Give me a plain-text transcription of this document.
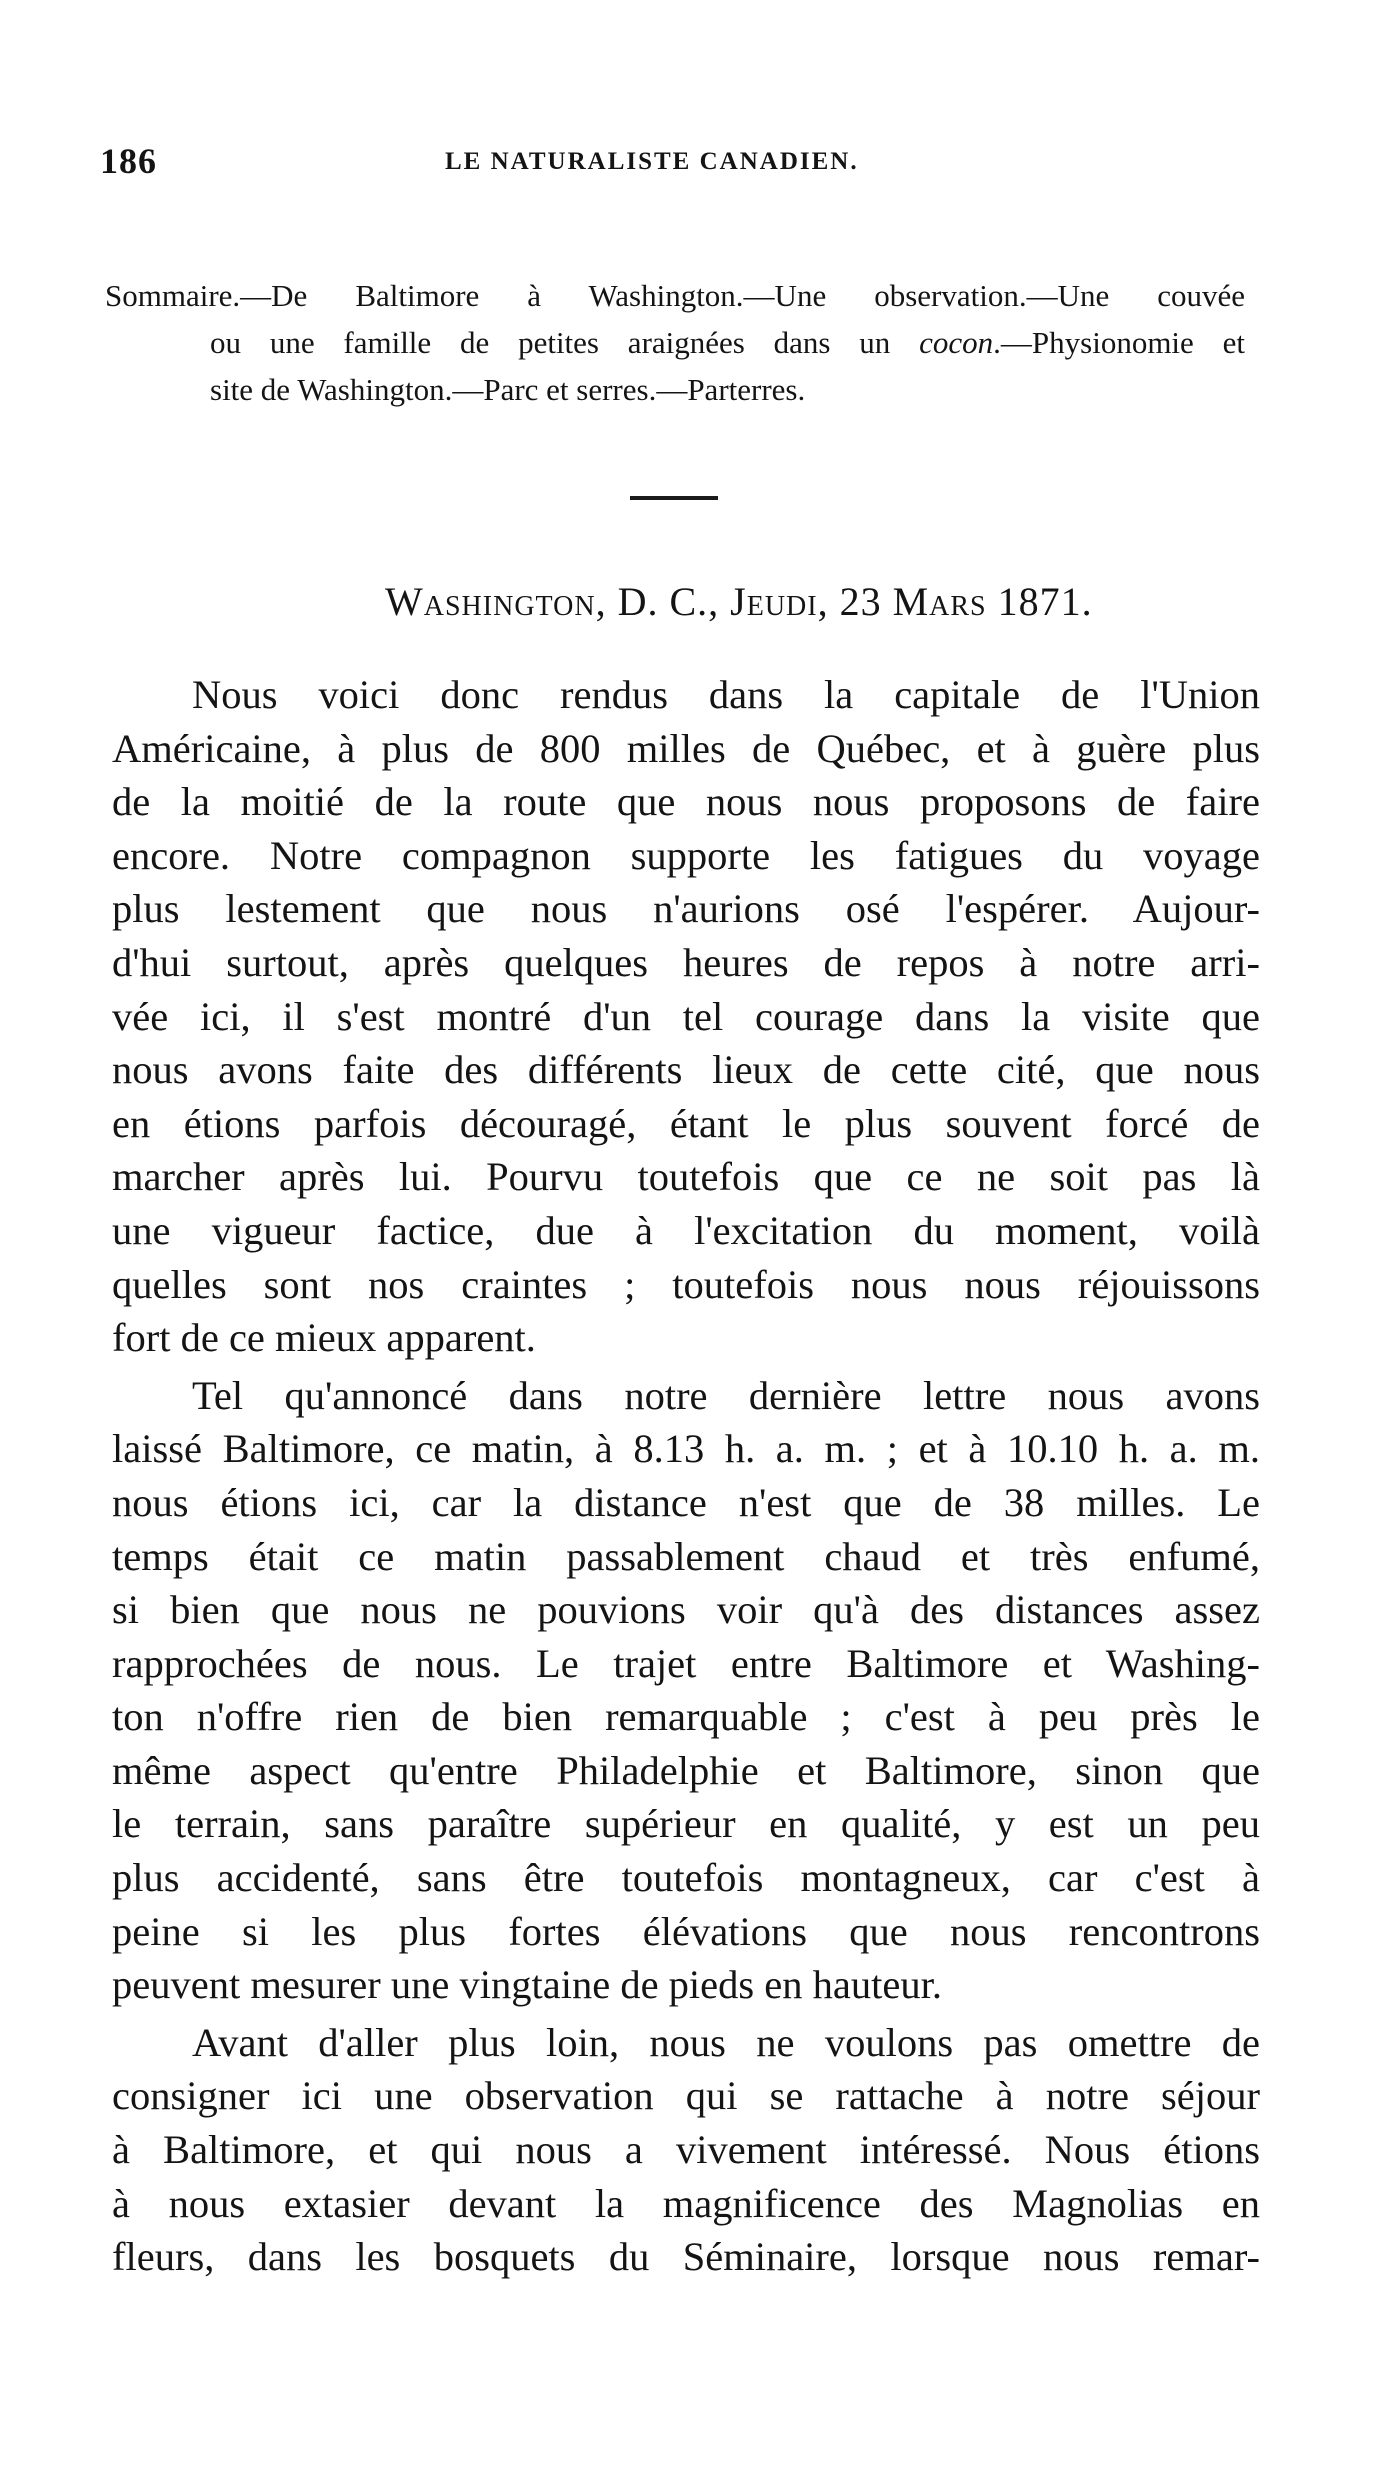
186	LE NATURALISTE CANADIEN.
Sommaire.—De Baltimore à Washington.—Une observation.—Une couvée
ou une famille de petites araignées dans un cocon.—Physionomie et
site de Washington.—Parc et serres.—Parterres.
Washington, D. C., Jeudi, 23 Mars 1871.
Nous voici donc rendus dans la capitale de l'Union
Américaine, à plus de 800 milles de Québec, et à guère plus
de la moitié de la route que nous nous proposons de faire
encore. Notre compagnon supporte les fatigues du voyage
plus lestement que nous n'aurions osé l'espérer. Aujour-
d'hui surtout, après quelques heures de repos à notre arri-
vée ici, il s'est montré d'un tel courage dans la visite que
nous avons faite des différents lieux de cette cité, que nous
en étions parfois découragé, étant le plus souvent forcé de
marcher après lui. Pourvu toutefois que ce ne soit pas là
une vigueur factice, due à l'excitation du moment, voilà
quelles sont nos craintes ; toutefois nous nous réjouissons
fort de ce mieux apparent.
Tel qu'annoncé dans notre dernière lettre nous avons
laissé Baltimore, ce matin, à 8.13 h. a. m. ; et à 10.10 h. a. m.
nous étions ici, car la distance n'est que de 38 milles. Le
temps était ce matin passablement chaud et très enfumé,
si bien que nous ne pouvions voir qu'à des distances assez
rapprochées de nous. Le trajet entre Baltimore et Washing-
ton n'offre rien de bien remarquable ; c'est à peu près le
même aspect qu'entre Philadelphie et Baltimore, sinon que
le terrain, sans paraître supérieur en qualité, y est un peu
plus accidenté, sans être toutefois montagneux, car c'est à
peine si les plus fortes élévations que nous rencontrons
peuvent mesurer une vingtaine de pieds en hauteur.
Avant d'aller plus loin, nous ne voulons pas omettre de
consigner ici une observation qui se rattache à notre séjour
à Baltimore, et qui nous a vivement intéressé. Nous étions
à nous extasier devant la magnificence des Magnolias en
fleurs, dans les bosquets du Séminaire, lorsque nous remar-
